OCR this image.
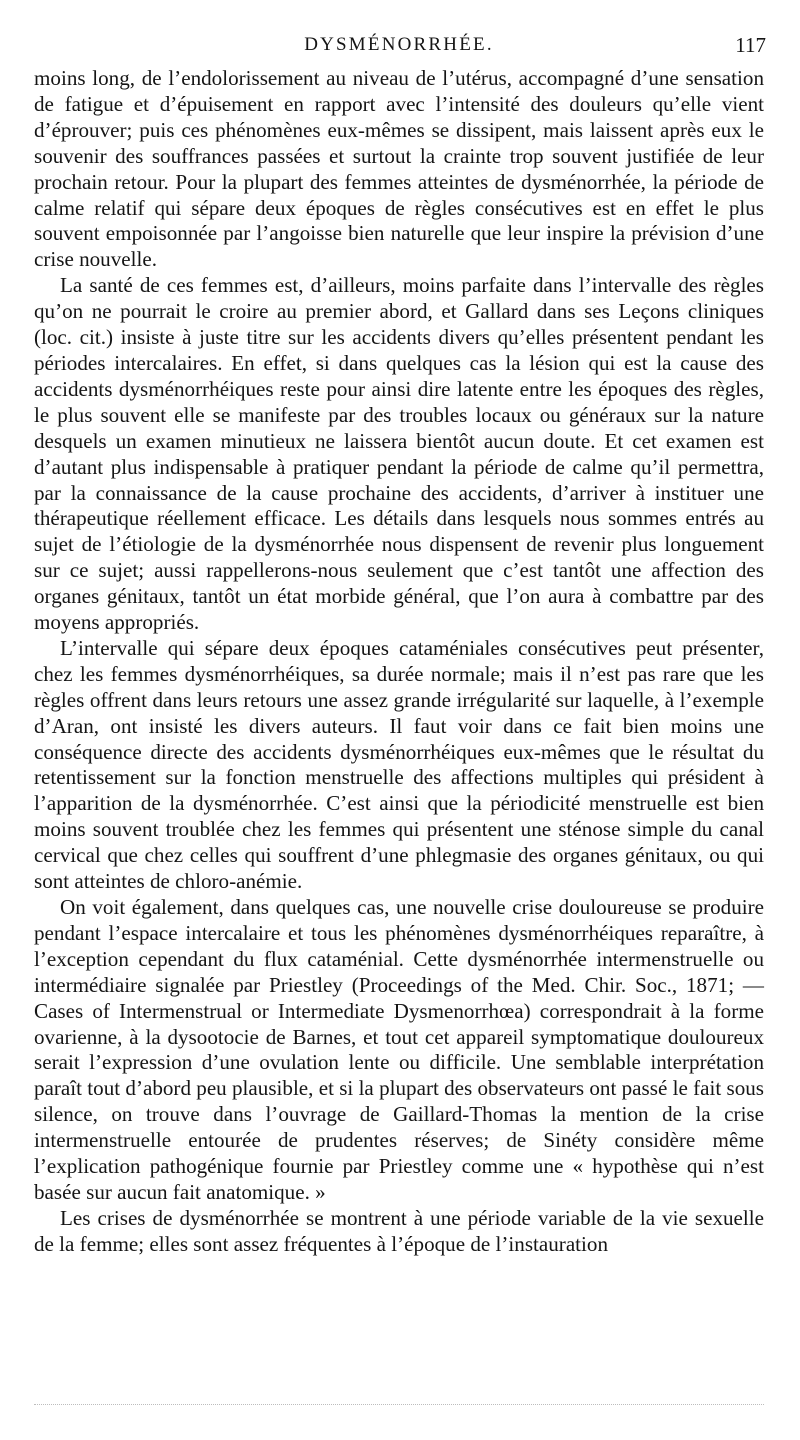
DYSMÉNORRHÉE.	117

moins long, de l’endolorissement au niveau de l’utérus, accompagné d’une sensation de fatigue et d’épuisement en rapport avec l’intensité des douleurs qu’elle vient d’éprouver; puis ces phénomènes eux-mêmes se dissipent, mais laissent après eux le souvenir des souffrances passées et surtout la crainte trop souvent justifiée de leur prochain retour. Pour la plupart des femmes atteintes de dysménorrhée, la période de calme relatif qui sépare deux époques de règles consécutives est en effet le plus souvent empoisonnée par l’angoisse bien naturelle que leur inspire la prévision d’une crise nouvelle.

La santé de ces femmes est, d’ailleurs, moins parfaite dans l’intervalle des règles qu’on ne pourrait le croire au premier abord, et Gallard dans ses Leçons cliniques (loc. cit.) insiste à juste titre sur les accidents divers qu’elles présentent pendant les périodes intercalaires. En effet, si dans quelques cas la lésion qui est la cause des accidents dysménorrhéiques reste pour ainsi dire latente entre les époques des règles, le plus souvent elle se manifeste par des troubles locaux ou généraux sur la nature desquels un examen minutieux ne laissera bientôt aucun doute. Et cet examen est d’autant plus indispensable à pratiquer pendant la période de calme qu’il permettra, par la connaissance de la cause prochaine des accidents, d’arriver à instituer une thérapeutique réellement efficace. Les détails dans lesquels nous sommes entrés au sujet de l’étiologie de la dysménorrhée nous dispensent de revenir plus longuement sur ce sujet; aussi rappellerons-nous seulement que c’est tantôt une affection des organes génitaux, tantôt un état morbide général, que l’on aura à combattre par des moyens appropriés.

L’intervalle qui sépare deux époques cataméniales consécutives peut présenter, chez les femmes dysménorrhéiques, sa durée normale; mais il n’est pas rare que les règles offrent dans leurs retours une assez grande irrégularité sur laquelle, à l’exemple d’Aran, ont insisté les divers auteurs. Il faut voir dans ce fait bien moins une conséquence directe des accidents dysménorrhéiques eux-mêmes que le résultat du retentissement sur la fonction menstruelle des affections multiples qui président à l’apparition de la dysménorrhée. C’est ainsi que la périodicité menstruelle est bien moins souvent troublée chez les femmes qui présentent une sténose simple du canal cervical que chez celles qui souffrent d’une phlegmasie des organes génitaux, ou qui sont atteintes de chloro-anémie.

On voit également, dans quelques cas, une nouvelle crise douloureuse se produire pendant l’espace intercalaire et tous les phénomènes dysménorrhéiques reparaître, à l’exception cependant du flux cataménial. Cette dysménorrhée intermenstruelle ou intermédiaire signalée par Priestley (Proceedings of the Med. Chir. Soc., 1871; — Cases of Intermenstrual or Intermediate Dysmenorrhœa) correspondrait à la forme ovarienne, à la dysootocie de Barnes, et tout cet appareil symptomatique douloureux serait l’expression d’une ovulation lente ou difficile. Une semblable interprétation paraît tout d’abord peu plausible, et si la plupart des observateurs ont passé le fait sous silence, on trouve dans l’ouvrage de Gaillard-Thomas la mention de la crise intermenstruelle entourée de prudentes réserves; de Sinéty considère même l’explication pathogénique fournie par Priestley comme une « hypothèse qui n’est basée sur aucun fait anatomique. »

Les crises de dysménorrhée se montrent à une période variable de la vie sexuelle de la femme; elles sont assez fréquentes à l’époque de l’instauration
